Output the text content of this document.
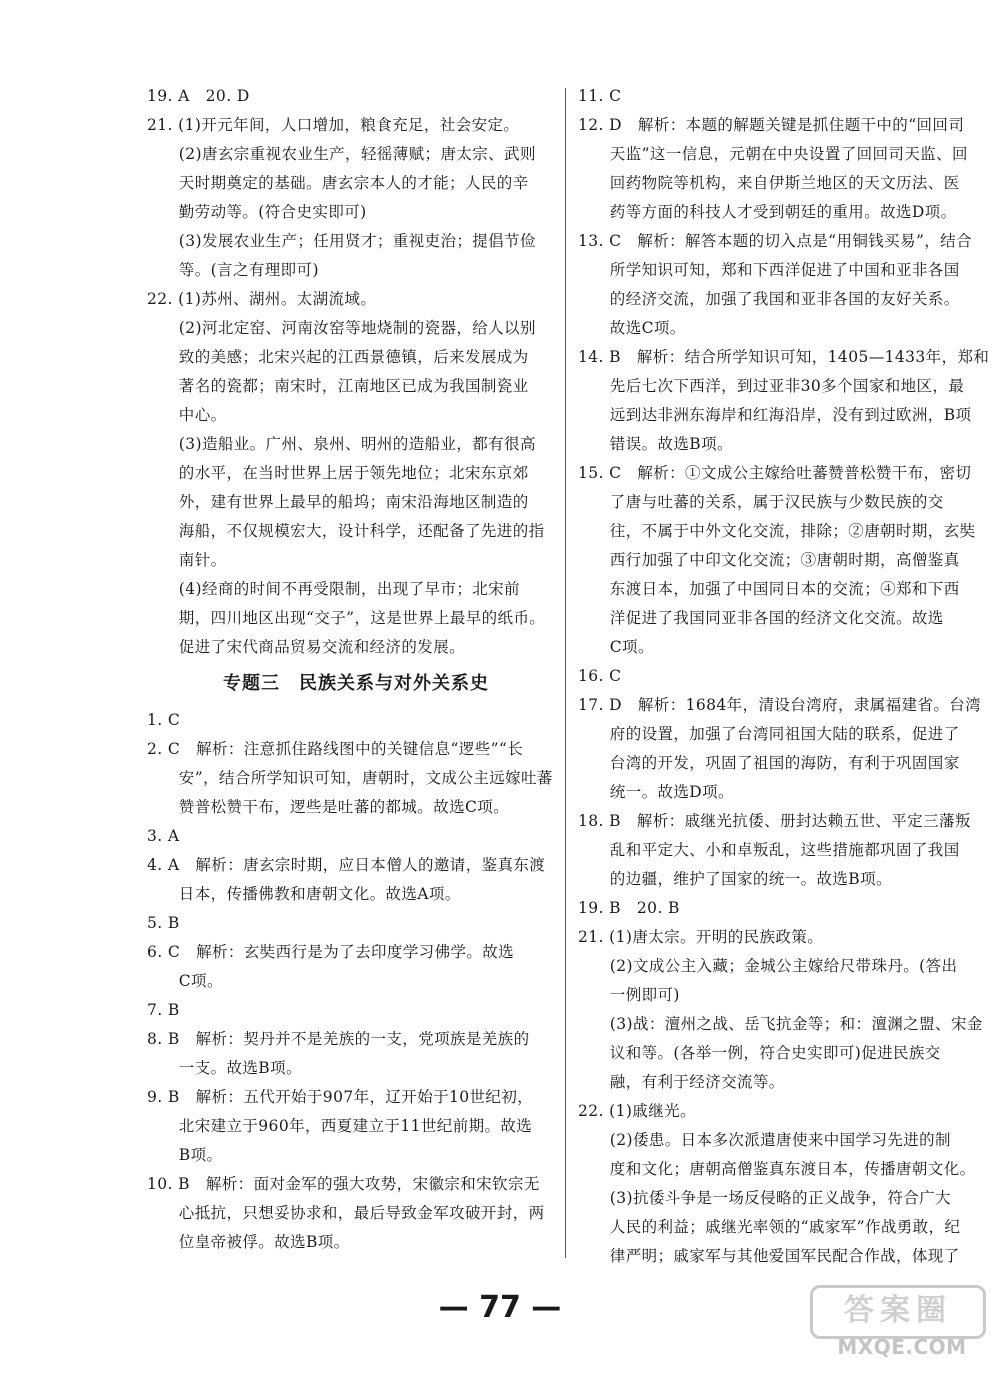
19. A　20. D
21. (1)开元年间，人口增加，粮食充足，社会安定。
　　(2)唐玄宗重视农业生产，轻徭薄赋；唐太宗、武则
　　天时期奠定的基础。唐玄宗本人的才能；人民的辛
　　勤劳动等。(符合史实即可)
　　(3)发展农业生产；任用贤才；重视吏治；提倡节俭
　　等。(言之有理即可)
22. (1)苏州、湖州。太湖流域。
　　(2)河北定窑、河南汝窑等地烧制的瓷器，给人以别
　　致的美感；北宋兴起的江西景德镇，后来发展成为
　　著名的瓷都；南宋时，江南地区已成为我国制瓷业
　　中心。
　　(3)造船业。广州、泉州、明州的造船业，都有很高
　　的水平，在当时世界上居于领先地位；北宋东京郊
　　外，建有世界上最早的船坞；南宋沿海地区制造的
　　海船，不仅规模宏大，设计科学，还配备了先进的指
　　南针。
　　(4)经商的时间不再受限制，出现了早市；北宋前
　　期，四川地区出现“交子”，这是世界上最早的纸币。
　　促进了宋代商品贸易交流和经济的发展。
专题三　民族关系与对外关系史
1. C
2. C　解析：注意抓住路线图中的关键信息“逻些”“长
　　安”，结合所学知识可知，唐朝时，文成公主远嫁吐蕃
　　赞普松赞干布，逻些是吐蕃的都城。故选C项。
3. A
4. A　解析：唐玄宗时期，应日本僧人的邀请，鉴真东渡
　　日本，传播佛教和唐朝文化。故选A项。
5. B
6. C　解析：玄奘西行是为了去印度学习佛学。故选
　　C项。
7. B
8. B　解析：契丹并不是羌族的一支，党项族是羌族的
　　一支。故选B项。
9. B　解析：五代开始于907年，辽开始于10世纪初，
　　北宋建立于960年，西夏建立于11世纪前期。故选
　　B项。
10. B　解析：面对金军的强大攻势，宋徽宗和宋钦宗无
　　心抵抗，只想妥协求和，最后导致金军攻破开封，两
　　位皇帝被俘。故选B项。
11. C
12. D　解析：本题的解题关键是抓住题干中的“回回司
　　天监”这一信息，元朝在中央设置了回回司天监、回
　　回药物院等机构，来自伊斯兰地区的天文历法、医
　　药等方面的科技人才受到朝廷的重用。故选D项。
13. C　解析：解答本题的切入点是“用铜钱买易”，结合
　　所学知识可知，郑和下西洋促进了中国和亚非各国
　　的经济交流，加强了我国和亚非各国的友好关系。
　　故选C项。
14. B　解析：结合所学知识可知，1405—1433年，郑和
　　先后七次下西洋，到过亚非30多个国家和地区，最
　　远到达非洲东海岸和红海沿岸，没有到过欧洲，B项
　　错误。故选B项。
15. C　解析：①文成公主嫁给吐蕃赞普松赞干布，密切
　　了唐与吐蕃的关系，属于汉民族与少数民族的交
　　往，不属于中外文化交流，排除；②唐朝时期，玄奘
　　西行加强了中印文化交流；③唐朝时期，高僧鉴真
　　东渡日本，加强了中国同日本的交流；④郑和下西
　　洋促进了我国同亚非各国的经济文化交流。故选
　　C项。
16. C
17. D　解析：1684年，清设台湾府，隶属福建省。台湾
　　府的设置，加强了台湾同祖国大陆的联系，促进了
　　台湾的开发，巩固了祖国的海防，有利于巩固国家
　　统一。故选D项。
18. B　解析：戚继光抗倭、册封达赖五世、平定三藩叛
　　乱和平定大、小和卓叛乱，这些措施都巩固了我国
　　的边疆，维护了国家的统一。故选B项。
19. B　20. B
21. (1)唐太宗。开明的民族政策。
　　(2)文成公主入藏；金城公主嫁给尺带珠丹。(答出
　　一例即可)
　　(3)战：澶州之战、岳飞抗金等；和：澶渊之盟、宋金
　　议和等。(各举一例，符合史实即可)促进民族交
　　融，有利于经济交流等。
22. (1)戚继光。
　　(2)倭患。日本多次派遣唐使来中国学习先进的制
　　度和文化；唐朝高僧鉴真东渡日本，传播唐朝文化。
　　(3)抗倭斗争是一场反侵略的正义战争，符合广大
　　人民的利益；戚继光率领的“戚家军”作战勇敢，纪
　　律严明；戚家军与其他爱国军民配合作战，体现了
— 77 —	答案圈
MXQE.COM
